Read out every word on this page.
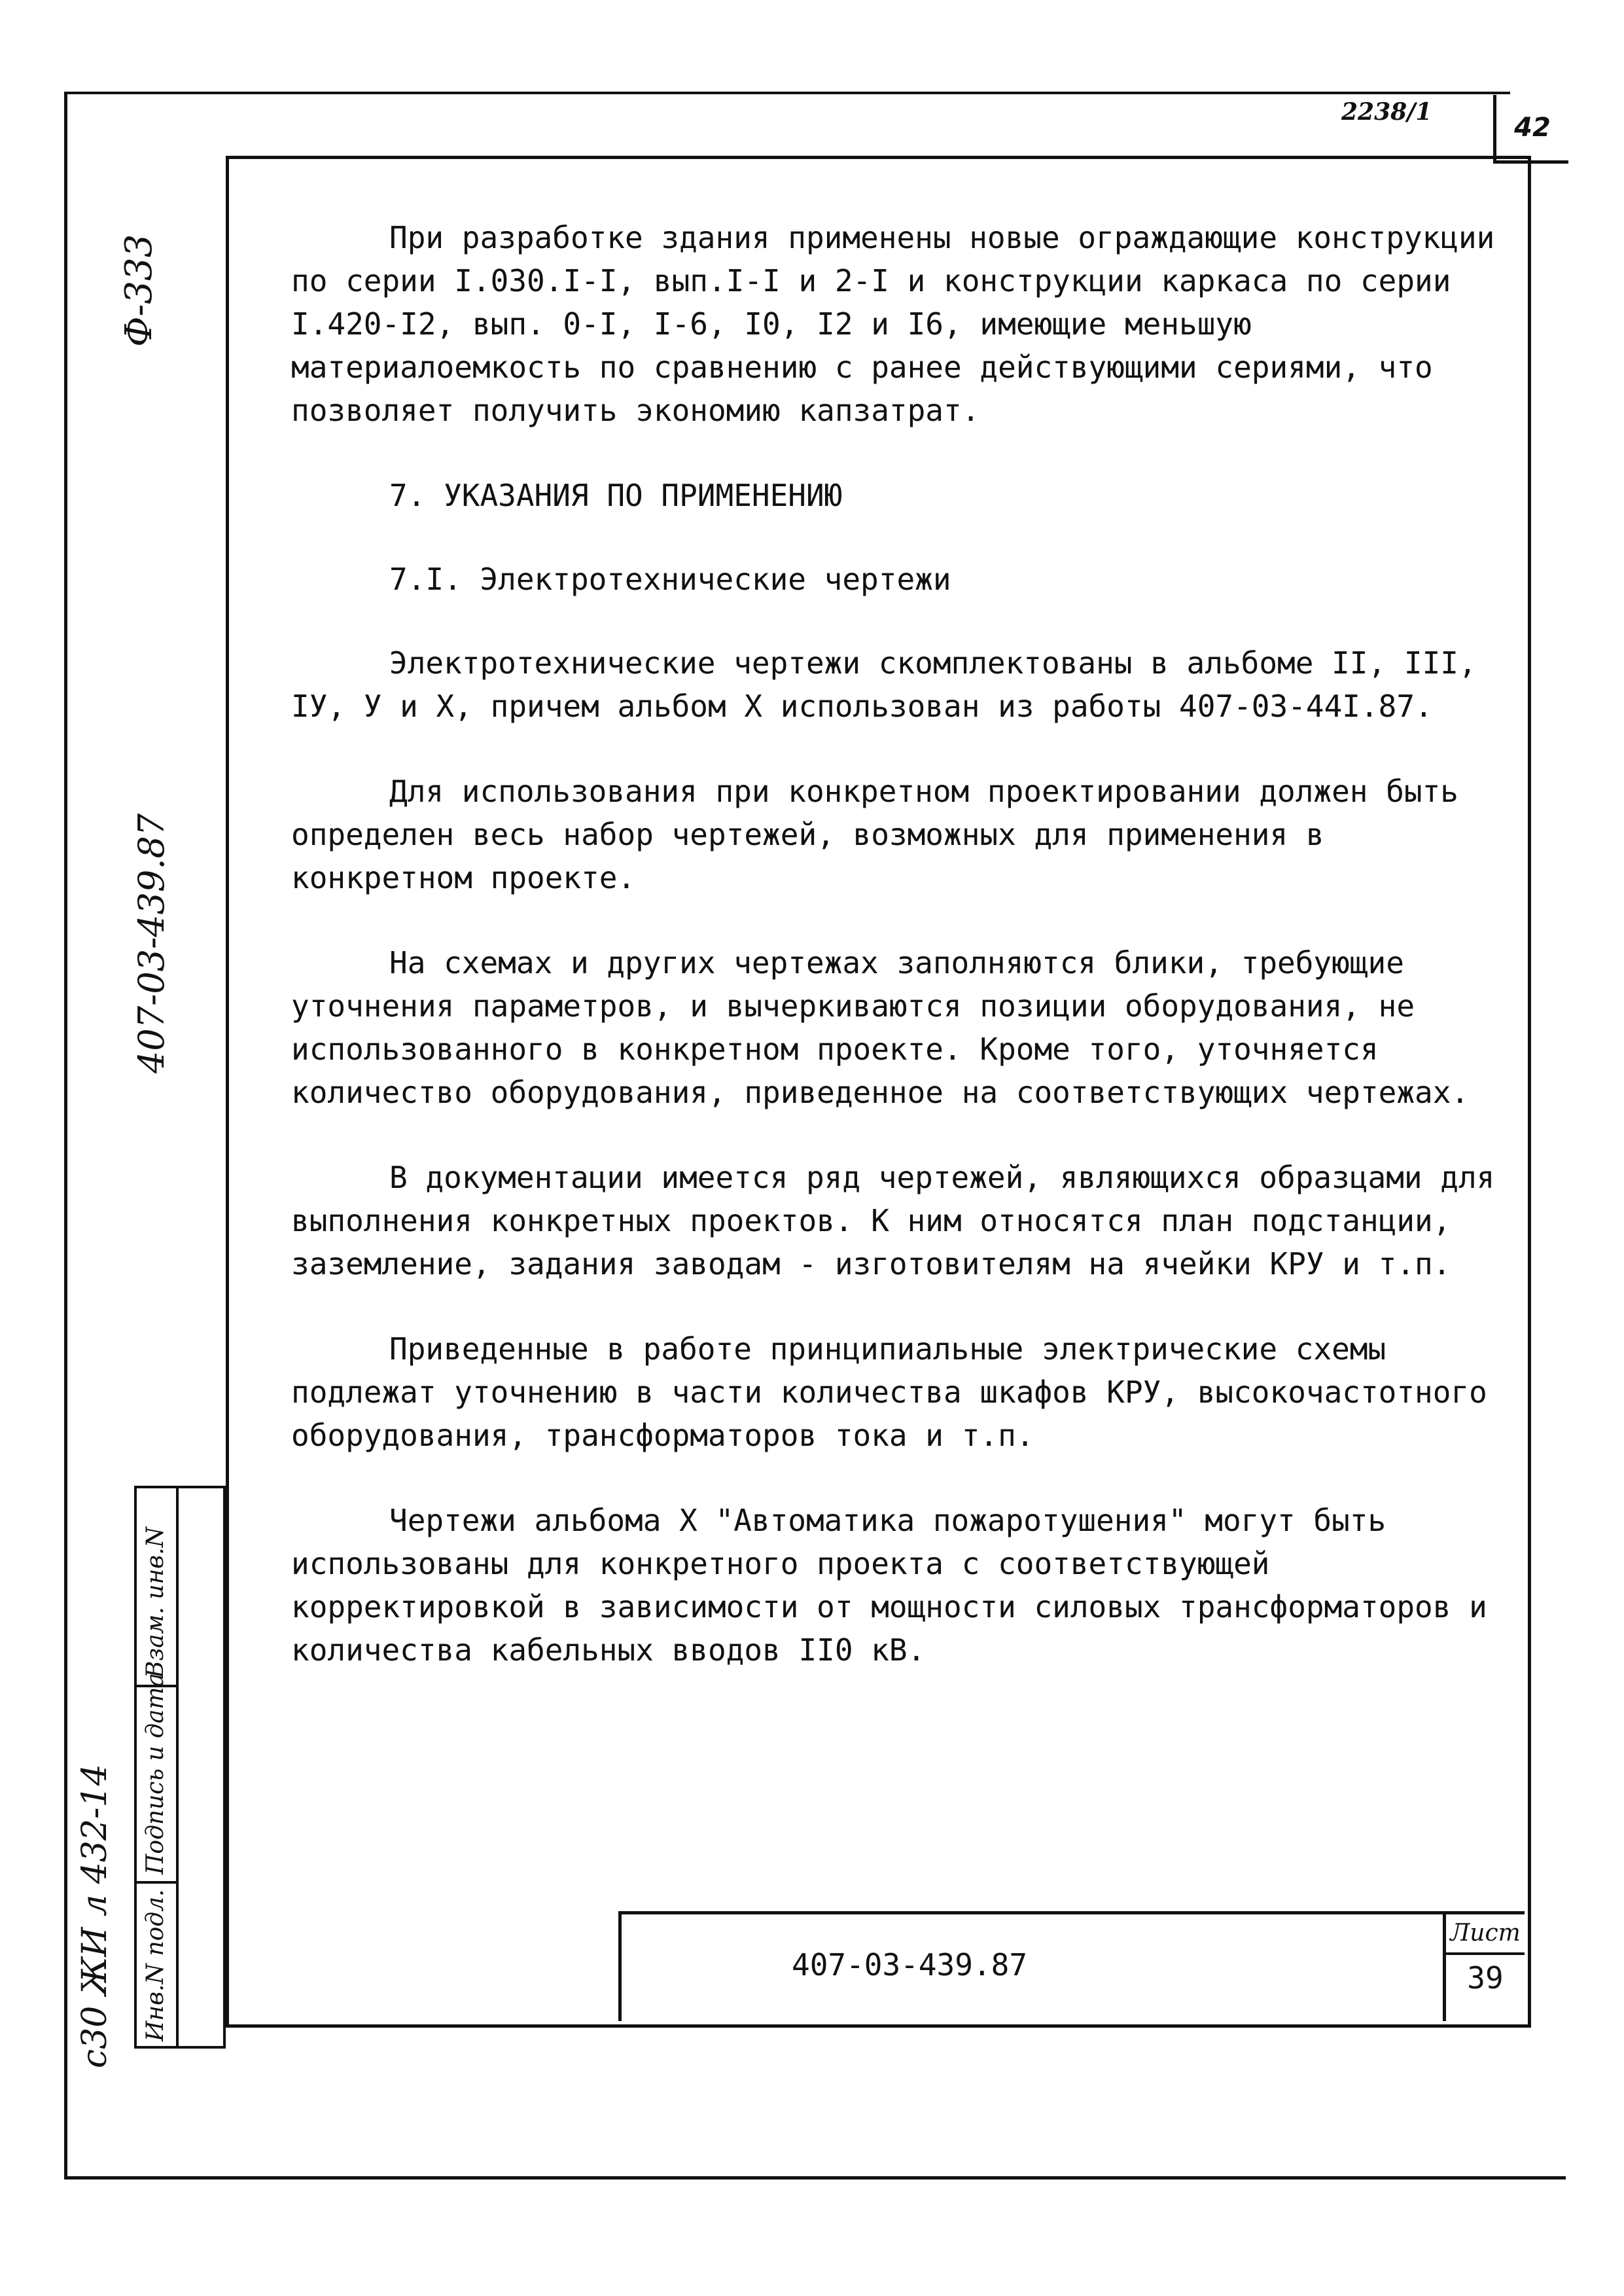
2238/1
42
Ф-333
407-03-439.87
с30 ЖИ л 432-14
Взам. инв.N
Подпись и дата
Инв.N подл.

При разработке здания применены новые ограждающие конструкции по серии I.030.I-I, вып.I-I и 2-I и конструкции каркаса по серии I.420-I2, вып. 0-I, I-6, I0, I2 и I6, имеющие меньшую материалоемкость по сравнению с ранее действующими сериями, что позволяет получить экономию капзатрат.

7. УКАЗАНИЯ ПО ПРИМЕНЕНИЮ
7.I. Электротехнические чертежи

Электротехнические чертежи скомплектованы в альбоме II, III, IУ, У и X, причем альбом X использован из работы 407-03-44I.87.

Для использования при конкретном проектировании должен быть определен весь набор чертежей, возможных для применения в конкретном проекте.

На схемах и других чертежах заполняются блики, требующие уточнения параметров, и вычеркиваются позиции оборудования, не использованного в конкретном проекте. Кроме того, уточняется количество оборудования, приведенное на соответствующих чертежах.

В документации имеется ряд чертежей, являющихся образцами для выполнения конкретных проектов. К ним относятся план подстанции, заземление, задания заводам - изготовителям на ячейки КРУ и т.п.

Приведенные в работе принципиальные электрические схемы подлежат уточнению в части количества шкафов КРУ, высокочастотного оборудования, трансформаторов тока и т.п.

Чертежи альбома X "Автоматика пожаротушения" могут быть использованы для конкретного проекта с соответствующей корректировкой в зависимости от мощности силовых трансформаторов и количества кабельных вводов II0 кВ.

407-03-439.87
Лист
39
